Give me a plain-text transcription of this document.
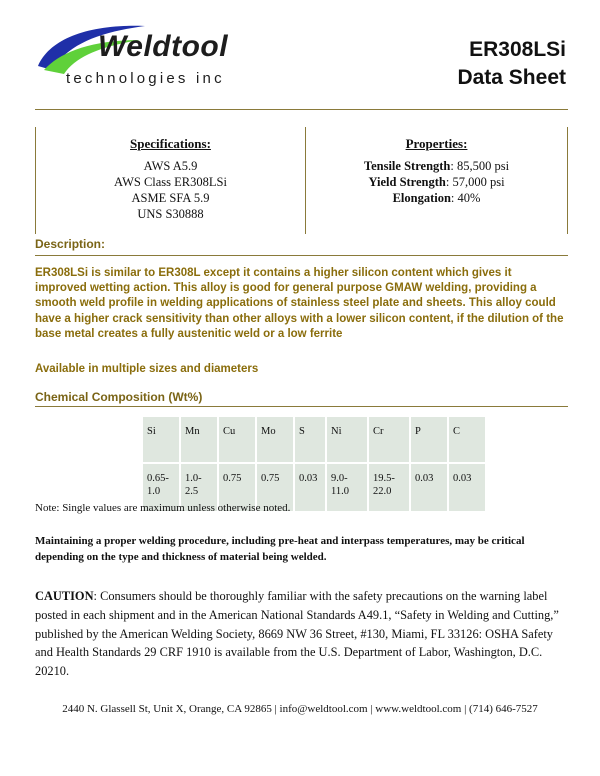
Weldtool
technologies inc
ER308LSi
Data Sheet
Specifications:
AWS A5.9
AWS Class ER308LSi
ASME SFA 5.9
UNS S30888
Properties:
Tensile Strength: 85,500 psi
Yield Strength: 57,000 psi
Elongation: 40%
Description:
ER308LSi is similar to ER308L except it contains a higher silicon content which gives it improved wetting action. This alloy is good for general purpose GMAW welding, providing a smooth weld profile in welding applications of stainless steel plate and sheets. This alloy could have a higher crack sensitivity than other alloys with a lower silicon content, if the dilution of the base metal creates a fully austenitic weld or a low ferrite
Available in multiple sizes and diameters
Chemical Composition (Wt%)
Si	Mn	Cu	Mo	S	Ni	Cr	P	C
0.65-1.0	1.0-2.5	0.75	0.75	0.03	9.0-11.0	19.5-22.0	0.03	0.03
Note: Single values are maximum unless otherwise noted.
Maintaining a proper welding procedure, including pre-heat and interpass temperatures, may be critical depending on the type and thickness of material being welded.
CAUTION: Consumers should be thoroughly familiar with the safety precautions on the warning label posted in each shipment and in the American National Standards A49.1, “Safety in Welding and Cutting,” published by the American Welding Society, 8669 NW 36 Street, #130, Miami, FL 33126: OSHA Safety and Health Standards 29 CRF 1910 is available from the U.S. Department of Labor, Washington, D.C. 20210.
2440 N. Glassell St, Unit X, Orange, CA 92865 | info@weldtool.com | www.weldtool.com | (714) 646-7527
